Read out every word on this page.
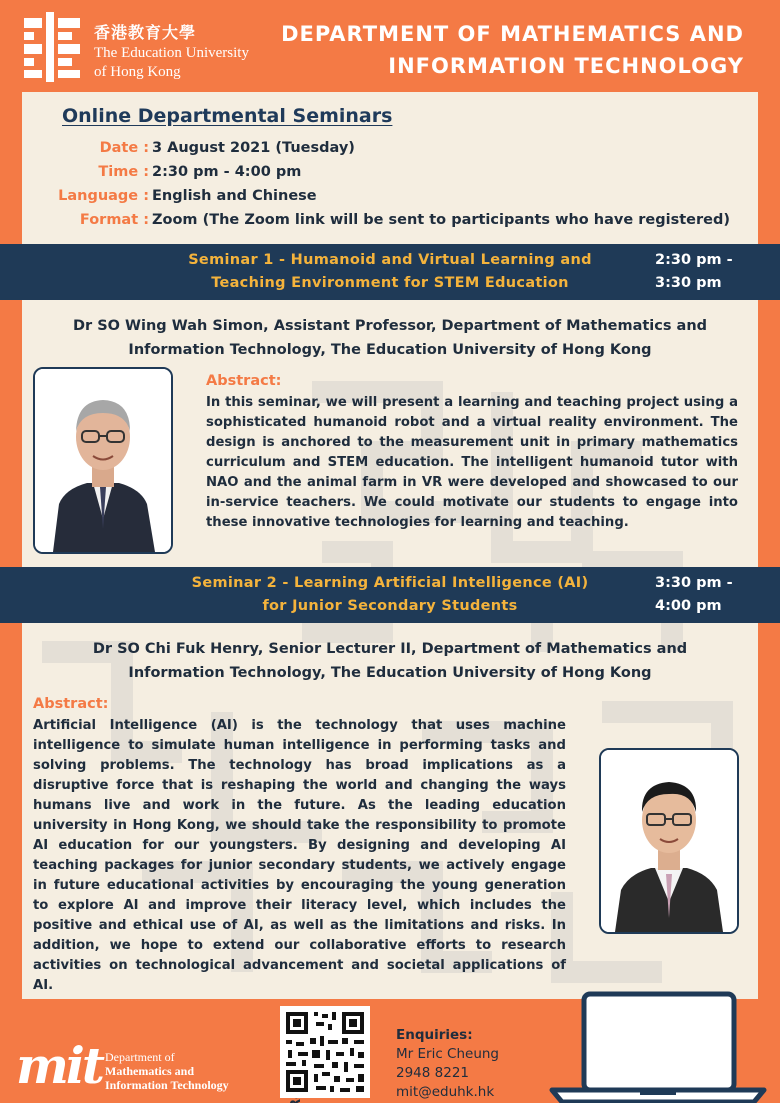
香港教育大學
The Education University
of Hong Kong
DEPARTMENT OF MATHEMATICS AND
INFORMATION TECHNOLOGY
Online Departmental Seminars
Date : 3 August 2021 (Tuesday)
Time : 2:30 pm - 4:00 pm
Language : English and Chinese
Format : Zoom (The Zoom link will be sent to participants who have registered)
Seminar 1 - Humanoid and Virtual Learning and
Teaching Environment for STEM Education
2:30 pm -
3:30 pm
Dr SO Wing Wah Simon, Assistant Professor, Department of Mathematics and
Information Technology, The Education University of Hong Kong
Abstract:
In this seminar, we will present a learning and teaching project using a sophisticated humanoid robot and a virtual reality environment. The design is anchored to the measurement unit in primary mathematics curriculum and STEM education. The intelligent humanoid tutor with NAO and the animal farm in VR were developed and showcased to our in-service teachers. We could motivate our students to engage into these innovative technologies for learning and teaching.
Seminar 2 - Learning Artificial Intelligence (AI)
for Junior Secondary Students
3:30 pm -
4:00 pm
Dr SO Chi Fuk Henry, Senior Lecturer II, Department of Mathematics and
Information Technology, The Education University of Hong Kong
Abstract:
Artificial Intelligence (AI) is the technology that uses machine intelligence to simulate human intelligence in performing tasks and solving problems. The technology has broad implications as a disruptive force that is reshaping the world and changing the ways humans live and work in the future. As the leading education university in Hong Kong, we should take the responsibility to promote AI education for our youngsters. By designing and developing AI teaching packages for junior secondary students, we actively engage in future educational activities by encouraging the young generation to explore AI and improve their literacy level, which includes the positive and ethical use of AI, as well as the limitations and risks. In addition, we hope to extend our collaborative efforts to research activities on technological advancement and societal applications of AI.
mit Department of
Mathematics and
Information Technology
Enquiries:
Mr Eric Cheung
2948 8221
mit@eduhk.hk
